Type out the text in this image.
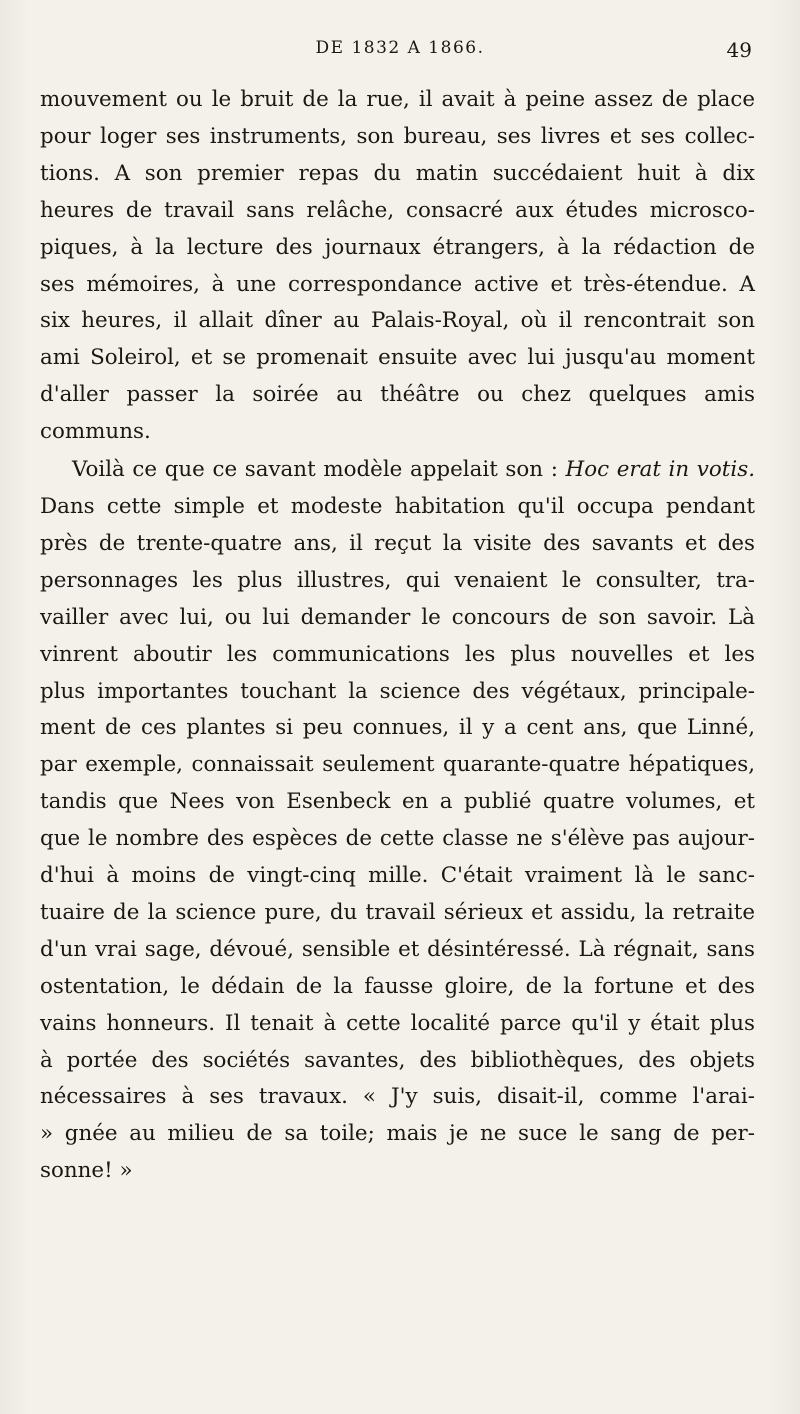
DE 1832 A 1866.	49
mouvement ou le bruit de la rue, il avait à peine assez de place
pour loger ses instruments, son bureau, ses livres et ses collec-
tions. A son premier repas du matin succédaient huit à dix
heures de travail sans relâche, consacré aux études microsco-
piques, à la lecture des journaux étrangers, à la rédaction de
ses mémoires, à une correspondance active et très-étendue. A
six heures, il allait dîner au Palais-Royal, où il rencontrait son
ami Soleirol, et se promenait ensuite avec lui jusqu'au moment
d'aller passer la soirée au théâtre ou chez quelques amis
communs.
Voilà ce que ce savant modèle appelait son : Hoc erat in votis.
Dans cette simple et modeste habitation qu'il occupa pendant
près de trente-quatre ans, il reçut la visite des savants et des
personnages les plus illustres, qui venaient le consulter, tra-
vailler avec lui, ou lui demander le concours de son savoir. Là
vinrent aboutir les communications les plus nouvelles et les
plus importantes touchant la science des végétaux, principale-
ment de ces plantes si peu connues, il y a cent ans, que Linné,
par exemple, connaissait seulement quarante-quatre hépatiques,
tandis que Nees von Esenbeck en a publié quatre volumes, et
que le nombre des espèces de cette classe ne s'élève pas aujour-
d'hui à moins de vingt-cinq mille. C'était vraiment là le sanc-
tuaire de la science pure, du travail sérieux et assidu, la retraite
d'un vrai sage, dévoué, sensible et désintéressé. Là régnait, sans
ostentation, le dédain de la fausse gloire, de la fortune et des
vains honneurs. Il tenait à cette localité parce qu'il y était plus
à portée des sociétés savantes, des bibliothèques, des objets
nécessaires à ses travaux. « J'y suis, disait-il, comme l'arai-
» gnée au milieu de sa toile; mais je ne suce le sang de per-
sonne! »
